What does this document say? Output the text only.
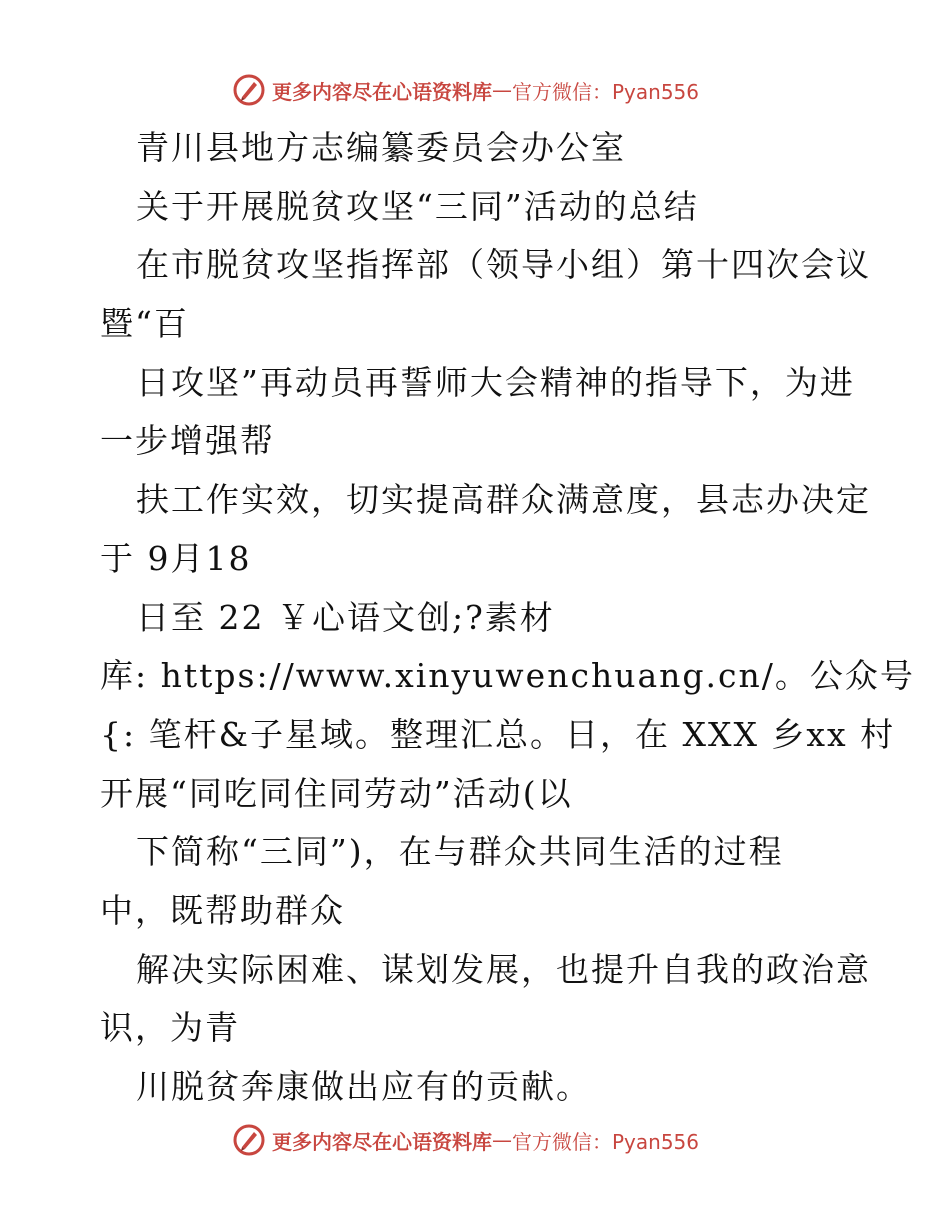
更多内容尽在心语资料库 — 官方微信：Pyan556
青川县地方志编纂委员会办公室
关于开展脱贫攻坚“三同”活动的总结
在市脱贫攻坚指挥部（领导小组）第十四次会议
暨“百
日攻坚”再动员再誓师大会精神的指导下，为进
一步增强帮
扶工作实效，切实提高群众满意度，县志办决定
于 9月18
日至 22 ￥心语文创;?素材
库: https://www.xinyuwenchuang.cn/。公众号
{: 笔杆&子星域。整理汇总。日，在 XXX 乡xx 村
开展“同吃同住同劳动”活动(以
下简称“三同”)，在与群众共同生活的过程
中，既帮助群众
解决实际困难、谋划发展，也提升自我的政治意
识，为青
川脱贫奔康做出应有的贡献。
更多内容尽在心语资料库 — 官方微信：Pyan556
